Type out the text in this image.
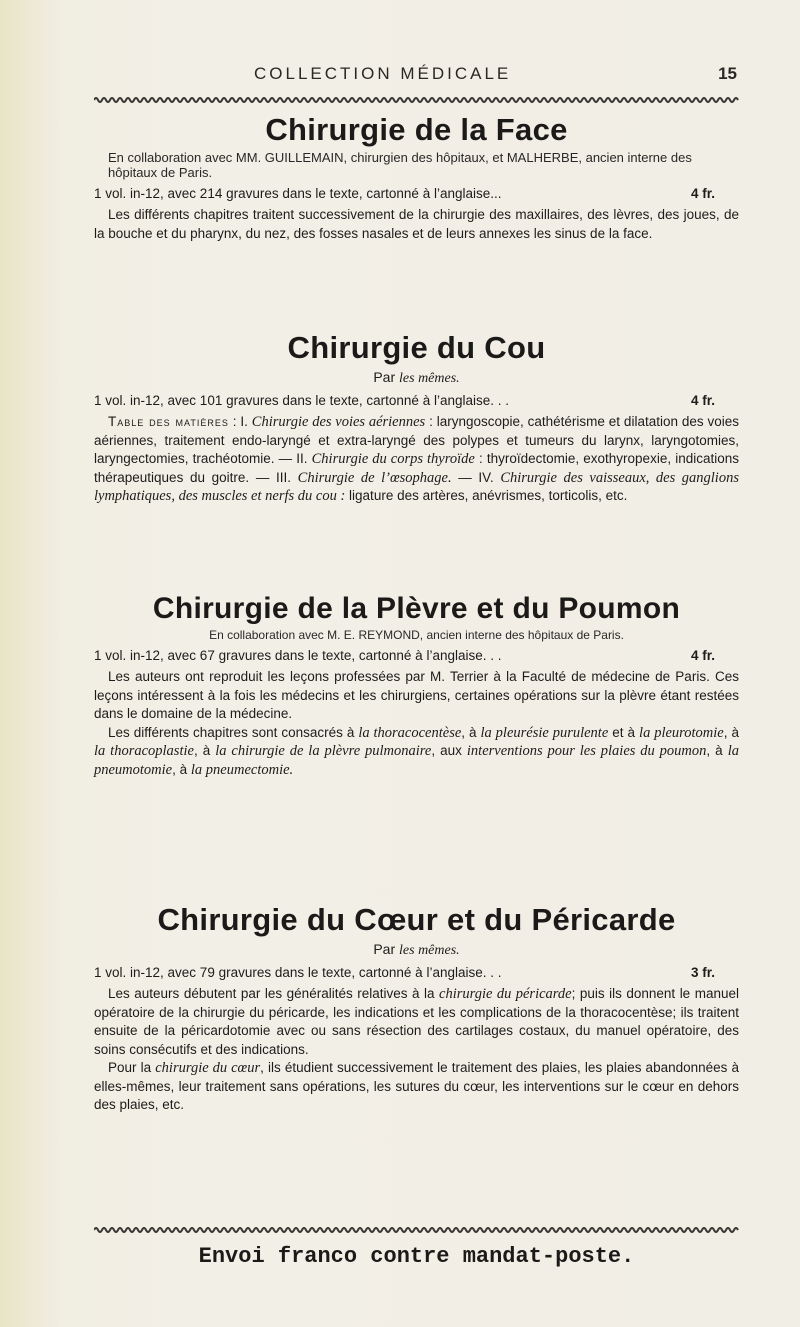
COLLECTION MÉDICALE	15
Chirurgie de la Face

En collaboration avec MM. GUILLEMAIN, chirurgien des hôpitaux, et MALHERBE, ancien interne des hôpitaux de Paris.

1 vol. in-12, avec 214 gravures dans le texte, cartonné à l’anglaise...	4 fr.

Les différents chapitres traitent successivement de la chirurgie des maxillaires, des lèvres, des joues, de la bouche et du pharynx, du nez, des fosses nasales et de leurs annexes les sinus de la face.

Chirurgie du Cou

Par les mêmes.

1 vol. in-12, avec 101 gravures dans le texte, cartonné à l’anglaise. . .	4 fr.

Table des matières : I. Chirurgie des voies aériennes : laryngoscopie, cathétérisme et dilatation des voies aériennes, traitement endo-laryngé et extra-laryngé des polypes et tumeurs du larynx, laryngotomies, laryngectomies, trachéotomie. — II. Chirurgie du corps thyroïde : thyroïdectomie, exothyropexie, indications thérapeutiques du goitre. — III. Chirurgie de l’œsophage. — IV. Chirurgie des vaisseaux, des ganglions lymphatiques, des muscles et nerfs du cou : ligature des artères, anévrismes, torticolis, etc.

Chirurgie de la Plèvre et du Poumon

En collaboration avec M. E. REYMOND, ancien interne des hôpitaux de Paris.

1 vol. in-12, avec 67 gravures dans le texte, cartonné à l’anglaise. . .	4 fr.

Les auteurs ont reproduit les leçons professées par M. Terrier à la Faculté de médecine de Paris. Ces leçons intéressent à la fois les médecins et les chirurgiens, certaines opérations sur la plèvre étant restées dans le domaine de la médecine.

Les différents chapitres sont consacrés à la thoracocentèse, à la pleurésie purulente et à la pleurotomie, à la thoracoplastie, à la chirurgie de la plèvre pulmonaire, aux interventions pour les plaies du poumon, à la pneumotomie, à la pneumectomie.

Chirurgie du Cœur et du Péricarde

Par les mêmes.

1 vol. in-12, avec 79 gravures dans le texte, cartonné à l’anglaise. . .	3 fr.

Les auteurs débutent par les généralités relatives à la chirurgie du péricarde; puis ils donnent le manuel opératoire de la chirurgie du péricarde, les indications et les complications de la thoracocentèse; ils traitent ensuite de la péricardotomie avec ou sans résection des cartilages costaux, du manuel opératoire, des soins consécutifs et des indications.

Pour la chirurgie du cœur, ils étudient successivement le traitement des plaies, les plaies abandonnées à elles-mêmes, leur traitement sans opérations, les sutures du cœur, les interventions sur le cœur en dehors des plaies, etc.

Envoi franco contre mandat-poste.
